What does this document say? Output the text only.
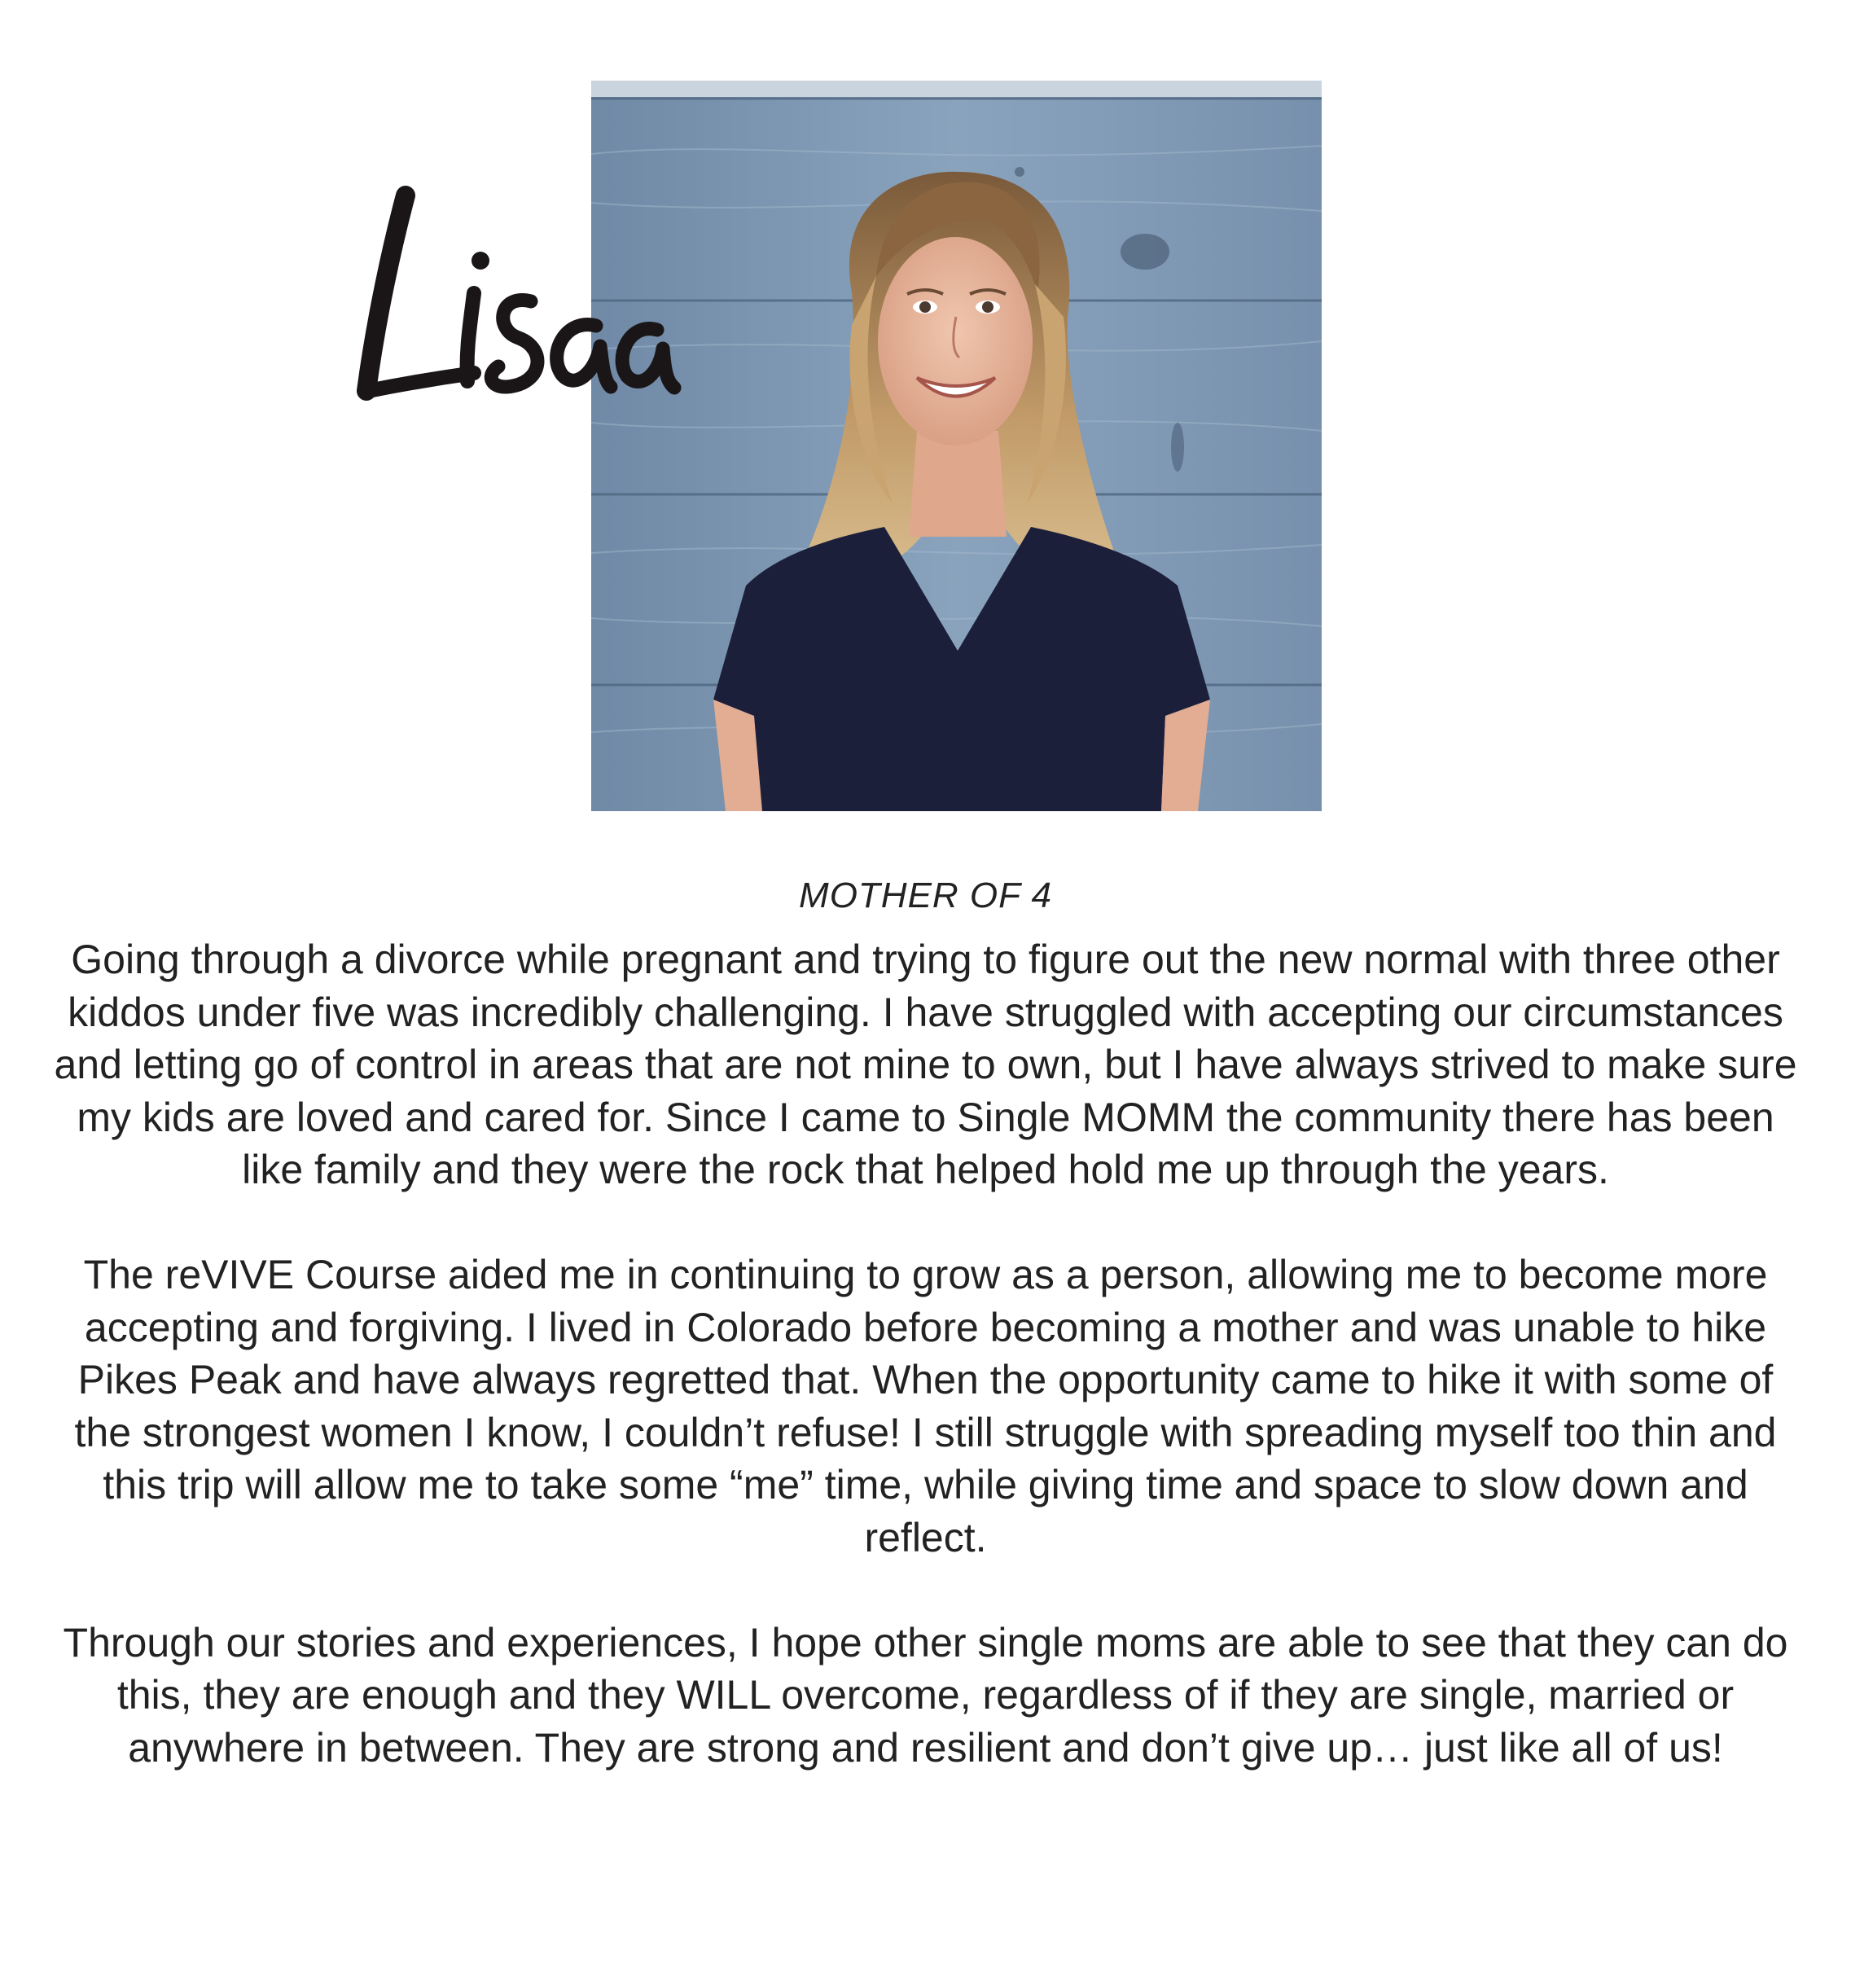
MOTHER OF 4

Going through a divorce while pregnant and trying to figure out the new normal with three other kiddos under five was incredibly challenging. I have struggled with accepting our circumstances and letting go of control in areas that are not mine to own, but I have always strived to make sure my kids are loved and cared for. Since I came to Single MOMM the community there has been like family and they were the rock that helped hold me up through the years.

The reVIVE Course aided me in continuing to grow as a person, allowing me to become more accepting and forgiving. I lived in Colorado before becoming a mother and was unable to hike Pikes Peak and have always regretted that. When the opportunity came to hike it with some of the strongest women I know, I couldn’t refuse! I still struggle with spreading myself too thin and this trip will allow me to take some “me” time, while giving time and space to slow down and reflect.

Through our stories and experiences, I hope other single moms are able to see that they can do this, they are enough and they WILL overcome, regardless of if they are single, married or anywhere in between. They are strong and resilient and don’t give up… just like all of us!
